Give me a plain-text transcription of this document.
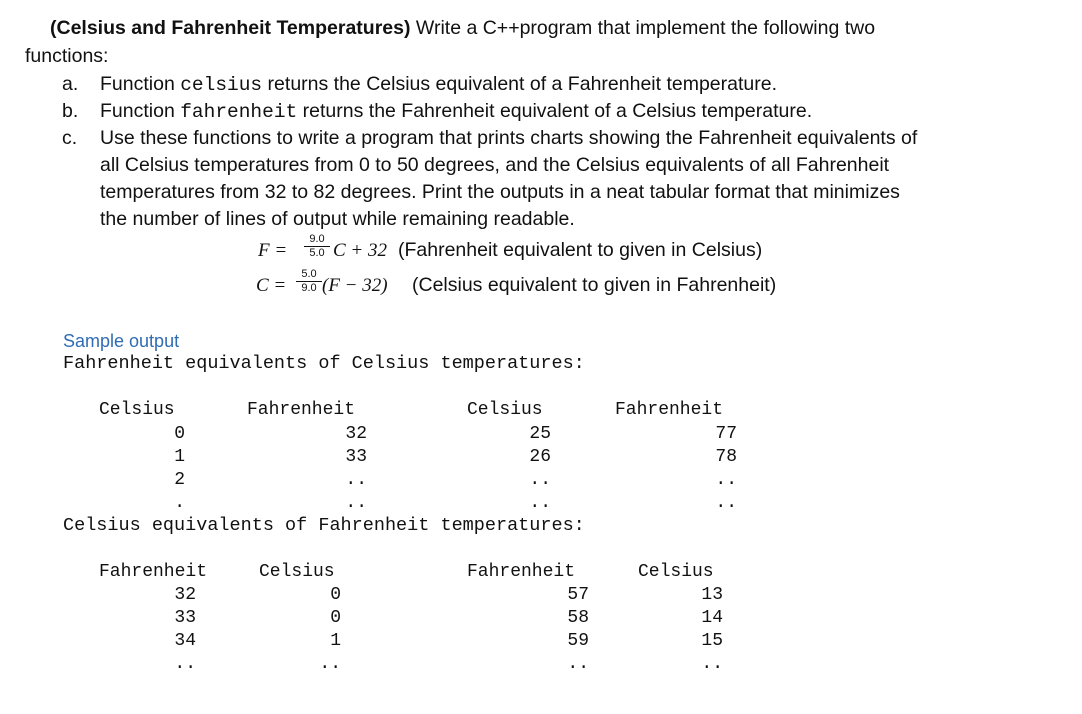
(Celsius and Fahrenheit Temperatures) Write a C++program that implement the following two
functions:
a. Function celsius returns the Celsius equivalent of a Fahrenheit temperature.
b. Function fahrenheit returns the Fahrenheit equivalent of a Celsius temperature.
c. Use these functions to write a program that prints charts showing the Fahrenheit equivalents of
all Celsius temperatures from 0 to 50 degrees, and the Celsius equivalents of all Fahrenheit
temperatures from 32 to 82 degrees. Print the outputs in a neat tabular format that minimizes
the number of lines of output while remaining readable.
F =
9.0
5.0 C + 32 (Fahrenheit equivalent to given in Celsius)
C =
5.0
9.0 (F − 32) (Celsius equivalent to given in Fahrenheit)
Sample output
Fahrenheit equivalents of Celsius temperatures:
Celsius	Fahrenheit	Celsius	Fahrenheit
0	32	25	77
1	33	26	78
2	..	..	..
.	..	..	..
Celsius equivalents of Fahrenheit temperatures:
Fahrenheit	Celsius	Fahrenheit	Celsius
32	0	57	13
33	0	58	14
34	1	59	15
..	..	..	..
